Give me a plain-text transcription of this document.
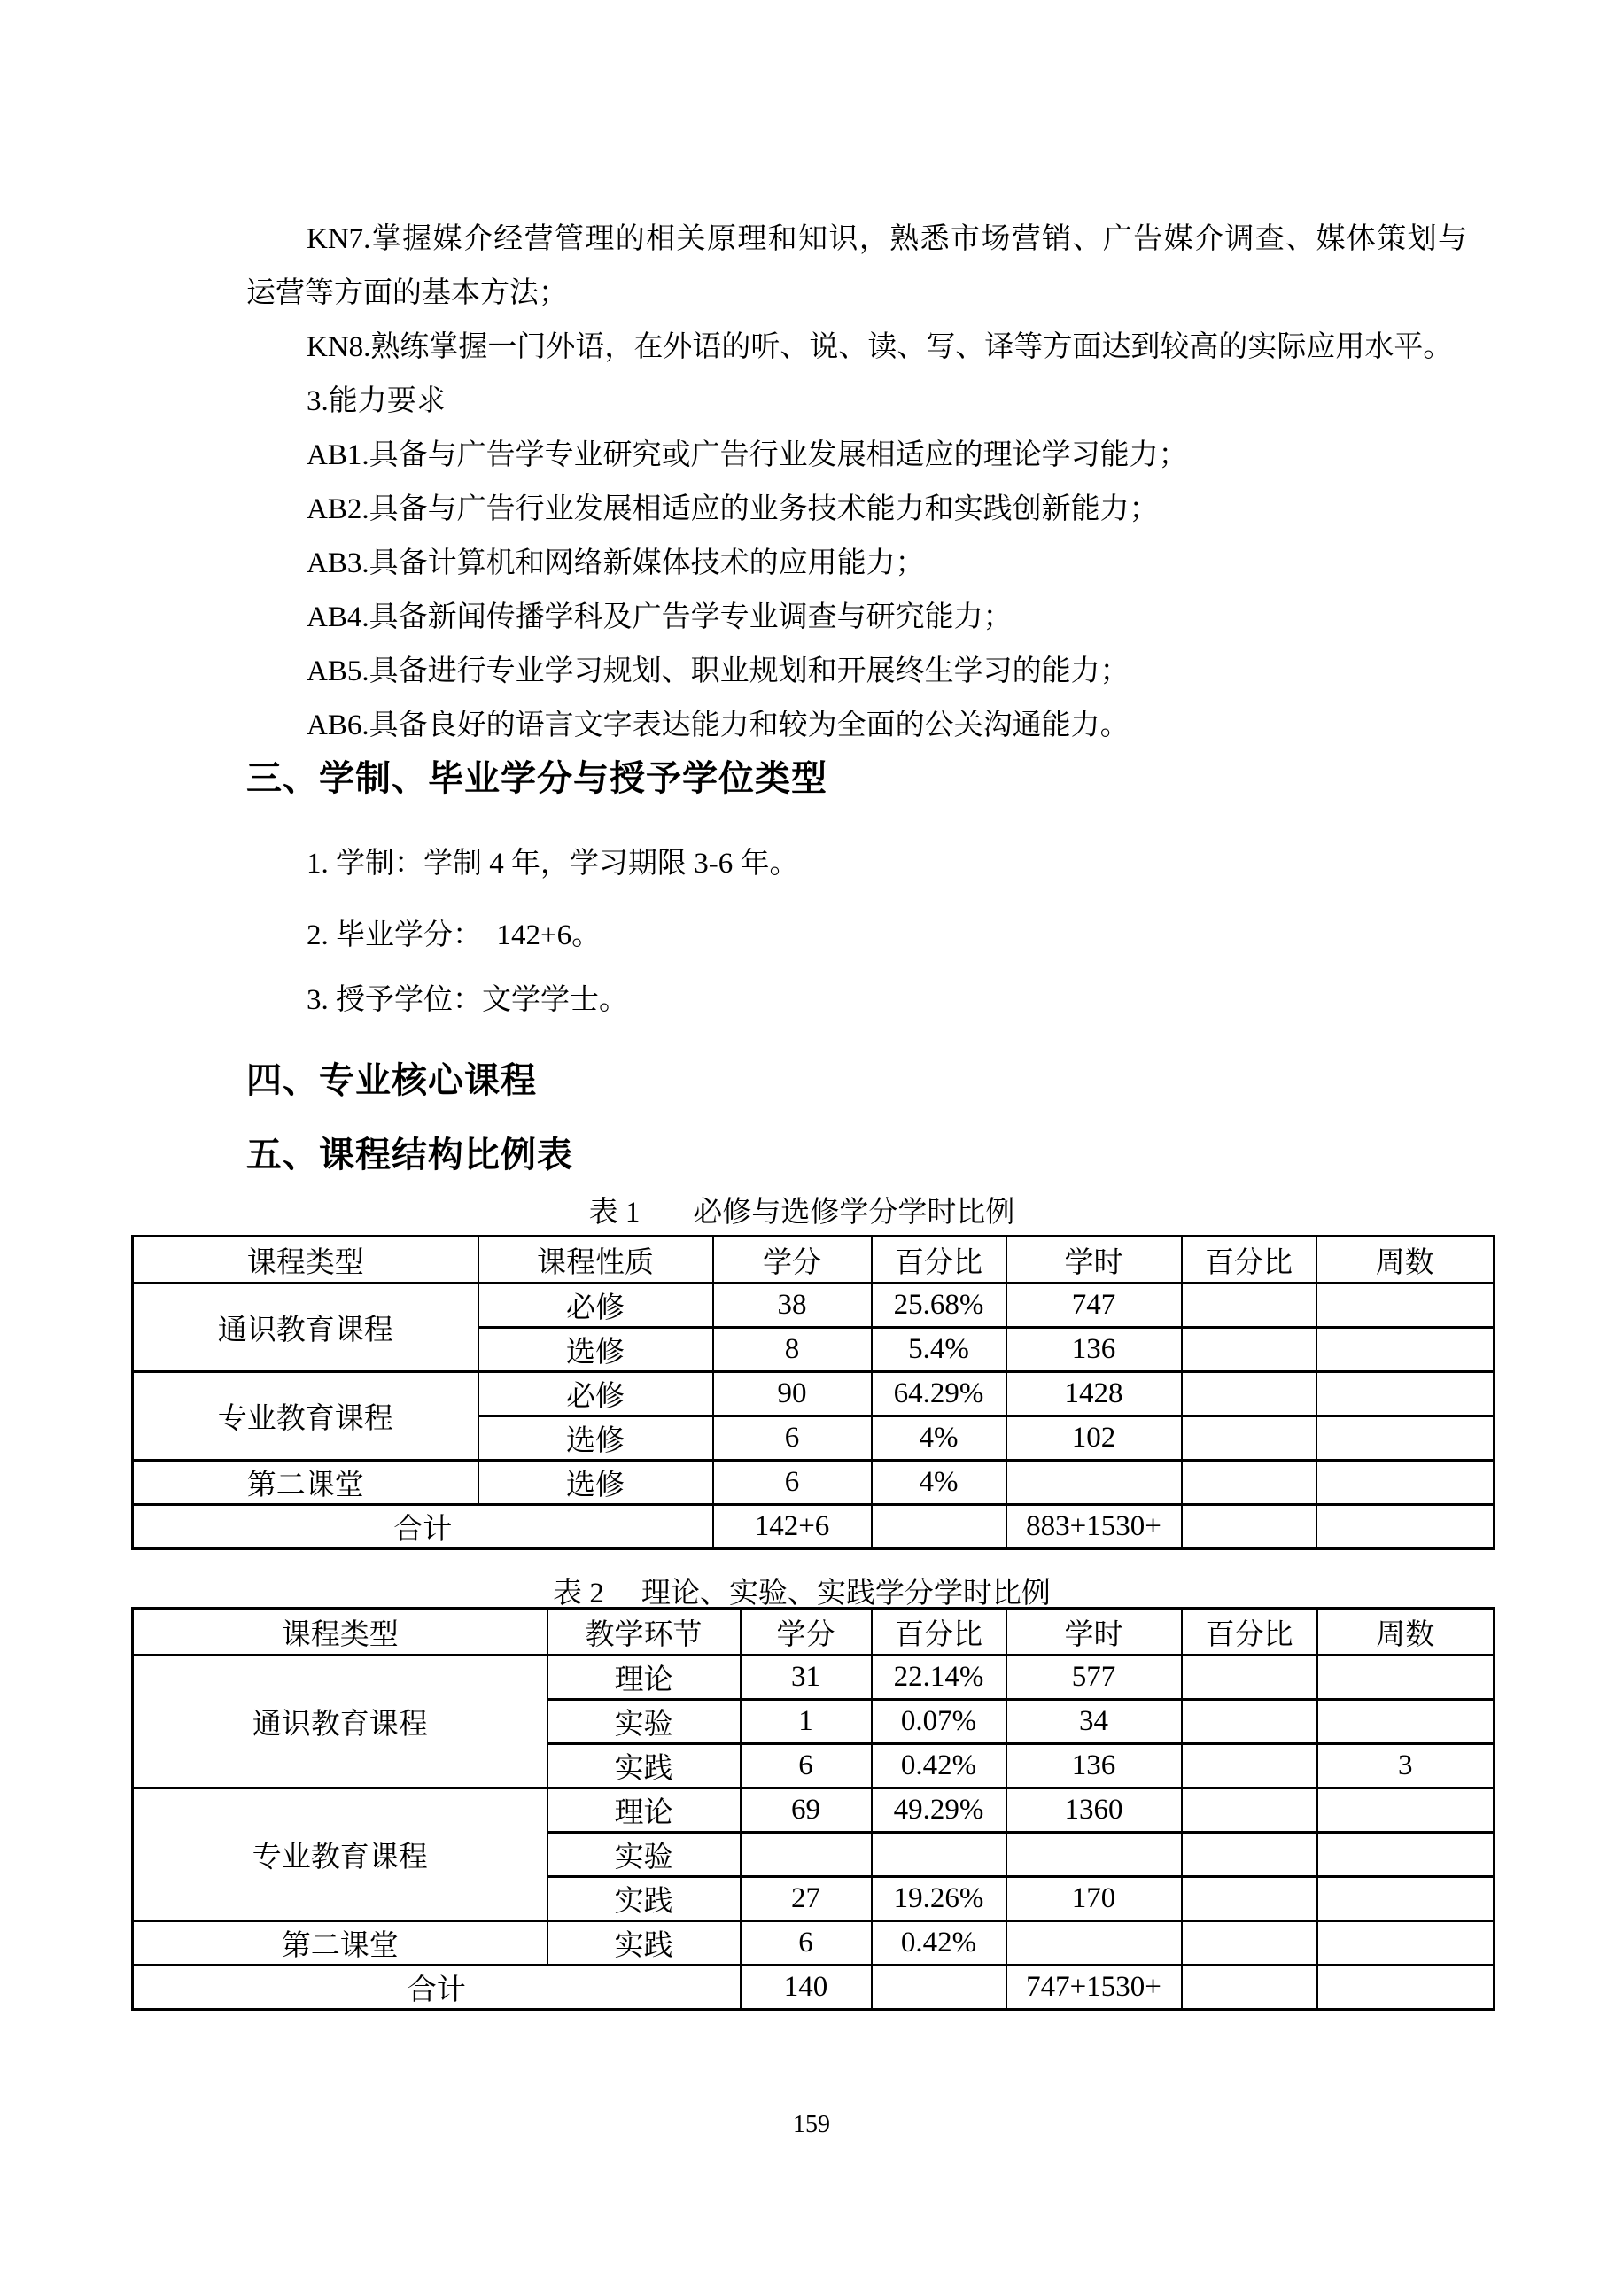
KN7.掌握媒介经营管理的相关原理和知识，熟悉市场营销、广告媒介调查、媒体策划与
运营等方面的基本方法；
KN8.熟练掌握一门外语，在外语的听、说、读、写、译等方面达到较高的实际应用水平。
3.能力要求
AB1.具备与广告学专业研究或广告行业发展相适应的理论学习能力；
AB2.具备与广告行业发展相适应的业务技术能力和实践创新能力；
AB3.具备计算机和网络新媒体技术的应用能力；
AB4.具备新闻传播学科及广告学专业调查与研究能力；
AB5.具备进行专业学习规划、职业规划和开展终生学习的能力；
AB6.具备良好的语言文字表达能力和较为全面的公关沟通能力。
三、学制、毕业学分与授予学位类型
1. 学制：学制 4 年，学习期限 3-6 年。
2. 毕业学分：  142+6。
3. 授予学位：文学学士。
四、专业核心课程
五、课程结构比例表
表 1 必修与选修学分学时比例
课程类型	课程性质	学分	百分比	学时	百分比	周数
通识教育课程	必修	38	25.68%	747		
	选修	8	5.4%	136		
专业教育课程	必修	90	64.29%	1428		
	选修	6	4%	102		
第二课堂	选修	6	4%			
合计		142+6		883+1530+		
表 2 理论、实验、实践学分学时比例
课程类型	教学环节	学分	百分比	学时	百分比	周数
通识教育课程	理论	31	22.14%	577		
	实验	1	0.07%	34		
	实践	6	0.42%	136		3
专业教育课程	理论	69	49.29%	1360		
	实验					
	实践	27	19.26%	170		
第二课堂	实践	6	0.42%			
合计		140		747+1530+		
159
